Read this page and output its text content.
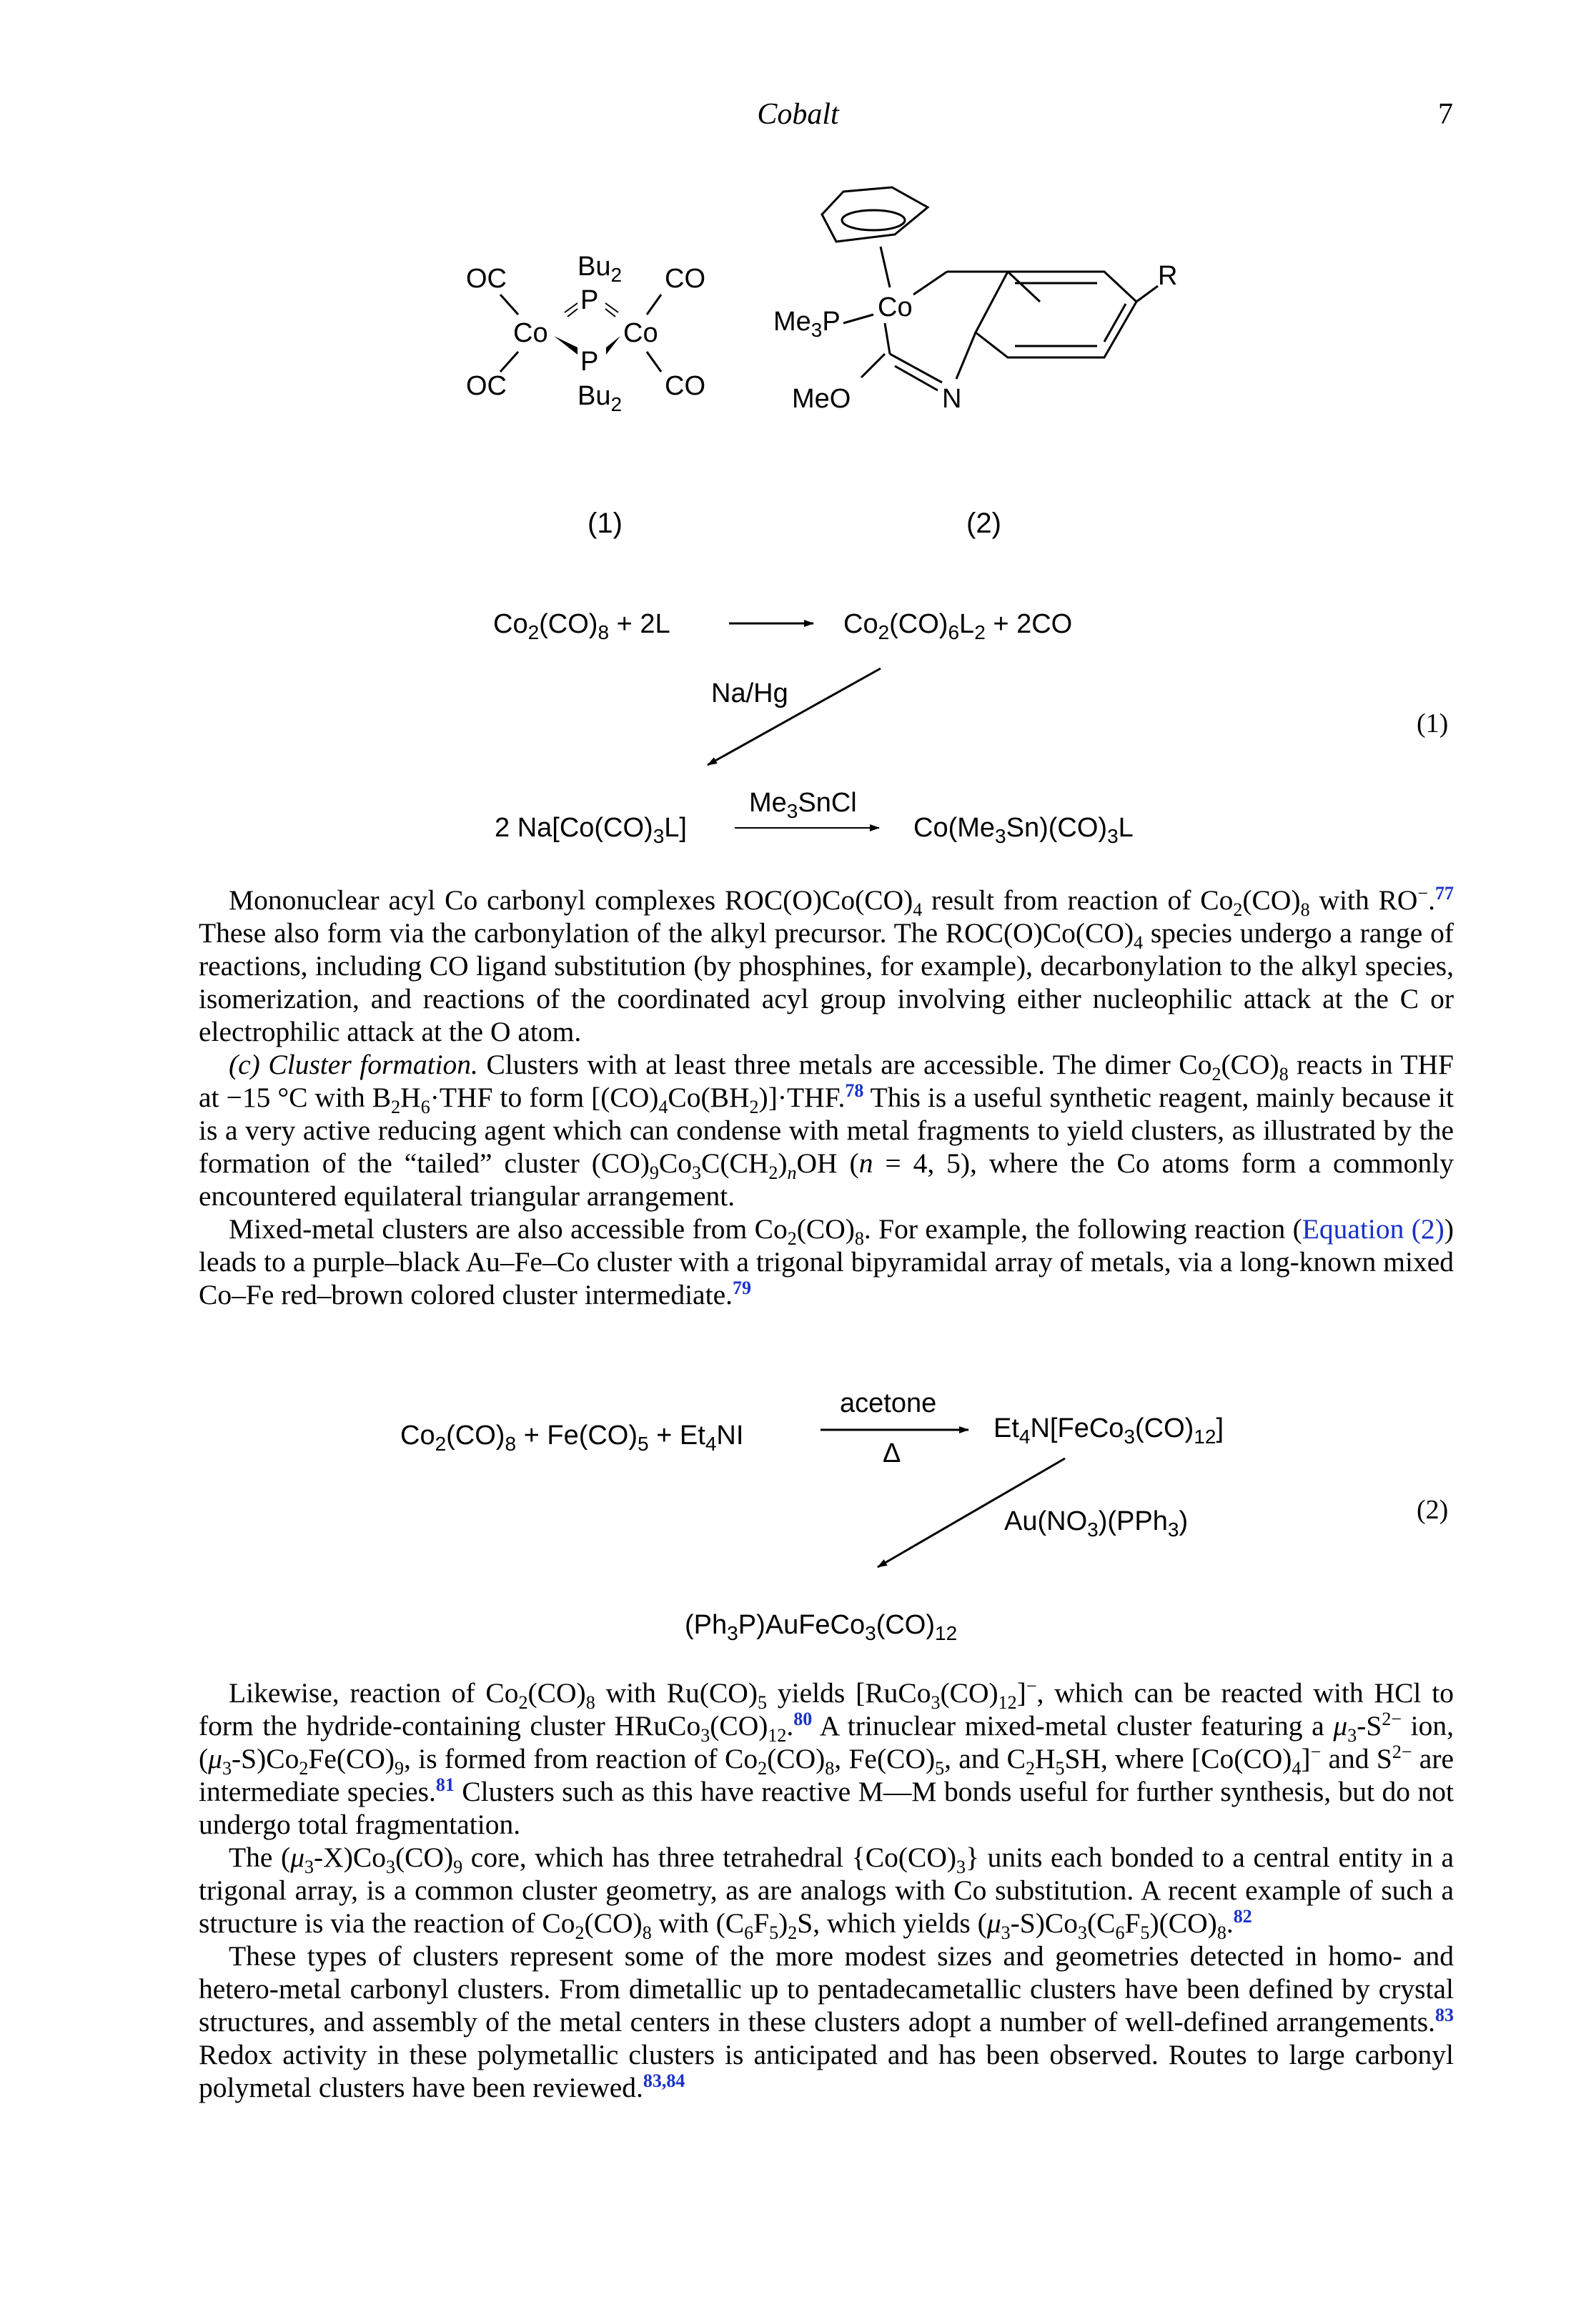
Cobalt	7
OC	CO
OC	CO
$Bu_2$
$Bu_2$
Co	Co
P
P
(1)
$Me_3P$ Co
MeO	N
R
(2)
$Co_2(CO)_8 + 2L$	$Co_2(CO)_6L_2 + 2CO$
Na/Hg
2 $Na[Co(CO)_3L]$
$Me_3SnCl$
$Co(Me_3Sn)(CO)_3L$
$Co_2(CO)_8 + Fe(CO)_5 + Et_4NI$
acetone
Δ
$Et_4N[FeCo_3(CO)_{12}]$
$Au(NO_3)(PPh_3)$
$(Ph_3P)AuFeCo_3(CO)_{12}$
(1)
(2)

Mononuclear acyl Co carbonyl complexes $ROC(O)Co(CO)_4$ result from reaction of $Co_2(CO)_8$ with RO−.$^{77}$ These also form via the carbonylation of the alkyl precursor. The $ROC(O)Co(CO)_4$ species undergo a range of reactions, including CO ligand substitution (by phosphines, for example), decarbonylation to the alkyl species, isomerization, and reactions of the coordinated acyl group involving either nucleophilic attack at the C or electrophilic attack at the O atom.

(c) Cluster formation. Clusters with at least three metals are accessible. The dimer $Co_2(CO)_8$ reacts in THF at −15 °C with $B_2H_6\cdot THF$ to form $[(CO)_4Co(BH_2)]\cdot THF.^{78}$ This is a useful synthetic reagent, mainly because it is a very active reducing agent which can condense with metal fragments to yield clusters, as illustrated by the formation of the “tailed” cluster $(CO)_9Co_3C(CH_2)_nOH$ (n = 4, 5), where the Co atoms form a commonly encountered equilateral triangular arrangement.

Mixed-metal clusters are also accessible from $Co_2(CO)_8$. For example, the following reaction (Equation (2)) leads to a purple–black Au–Fe–Co cluster with a trigonal bipyramidal array of metals, via a long-known mixed Co–Fe red–brown colored cluster intermediate.$^{79}$

Likewise, reaction of $Co_2(CO)_8$ with $Ru(CO)_5$ yields $[RuCo_3(CO)_{12}]^-$, which can be reacted with HCl to form the hydride-containing cluster $HRuCo_3(CO)_{12}.^{80}$ A trinuclear mixed-metal cluster featuring a $\mu_3-S^{2-}$ ion, $(\mu_3-S)Co_2Fe(CO)_9$, is formed from reaction of $Co_2(CO)_8$, $Fe(CO)_5$, and $C_2H_5SH$, where $[Co(CO)_4]^-$ and $S^{2-}$ are intermediate species.$^{81}$ Clusters such as this have reactive M—M bonds useful for further synthesis, but do not undergo total fragmentation.

The $(\mu_3-X)Co_3(CO)_9$ core, which has three tetrahedral $\{Co(CO)_3\}$ units each bonded to a central entity in a trigonal array, is a common cluster geometry, as are analogs with Co substitution. A recent example of such a structure is via the reaction of $Co_2(CO)_8$ with $(C_6F_5)_2S$, which yields $(\mu_3-S)Co_3(C_6F_5)(CO)_8.^{82}$

These types of clusters represent some of the more modest sizes and geometries detected in homo- and hetero-metal carbonyl clusters. From dimetallic up to pentadecametallic clusters have been defined by crystal structures, and assembly of the metal centers in these clusters adopt a number of well-defined arrangements.$^{83}$ Redox activity in these polymetallic clusters is anticipated and has been observed. Routes to large carbonyl polymetal clusters have been reviewed.$^{83,84}$
